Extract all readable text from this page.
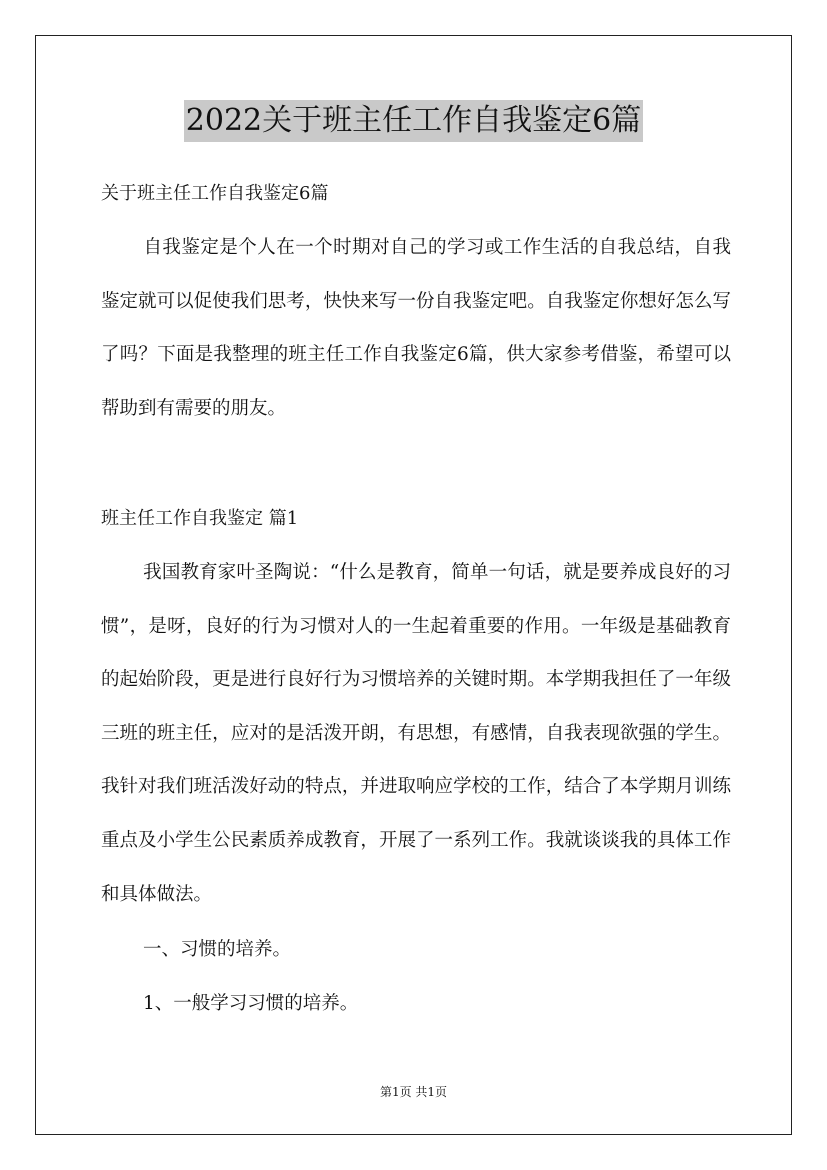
2022关于班主任工作自我鉴定6篇
关于班主任工作自我鉴定6篇

自我鉴定是个人在一个时期对自己的学习或工作生活的自我总结，自我鉴定就可以促使我们思考，快快来写一份自我鉴定吧。自我鉴定你想好怎么写了吗？下面是我整理的班主任工作自我鉴定6篇，供大家参考借鉴，希望可以帮助到有需要的朋友。

班主任工作自我鉴定 篇1

我国教育家叶圣陶说：“什么是教育，简单一句话，就是要养成良好的习惯”，是呀，良好的行为习惯对人的一生起着重要的作用。一年级是基础教育的起始阶段，更是进行良好行为习惯培养的关键时期。本学期我担任了一年级三班的班主任，应对的是活泼开朗，有思想，有感情，自我表现欲强的学生。我针对我们班活泼好动的特点，并进取响应学校的工作，结合了本学期月训练重点及小学生公民素质养成教育，开展了一系列工作。我就谈谈我的具体工作和具体做法。

一、习惯的培养。
1、一般学习习惯的培养。
第1页 共1页
